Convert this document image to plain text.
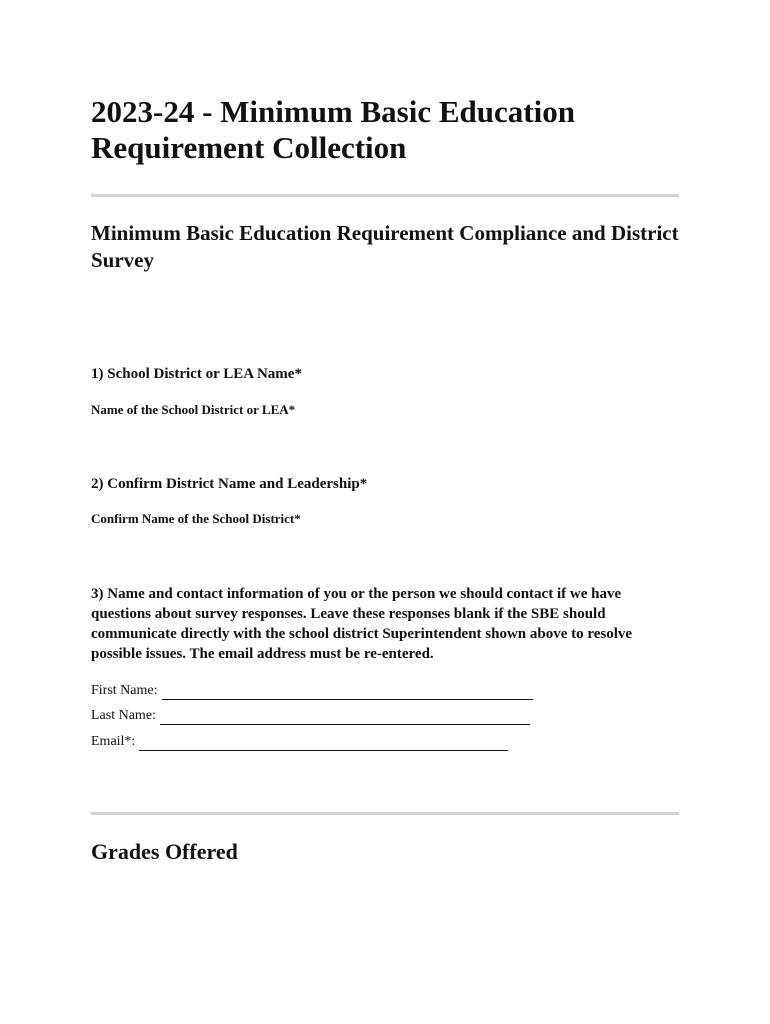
2023-24 - Minimum Basic Education Requirement Collection
Minimum Basic Education Requirement Compliance and District Survey

1) School District or LEA Name*

Name of the School District or LEA*

2) Confirm District Name and Leadership*

Confirm Name of the School District*

3) Name and contact information of you or the person we should contact if we have questions about survey responses. Leave these responses blank if the SBE should communicate directly with the school district Superintendent shown above to resolve possible issues. The email address must be re-entered.

First Name:
Last Name:
Email*:
Grades Offered
